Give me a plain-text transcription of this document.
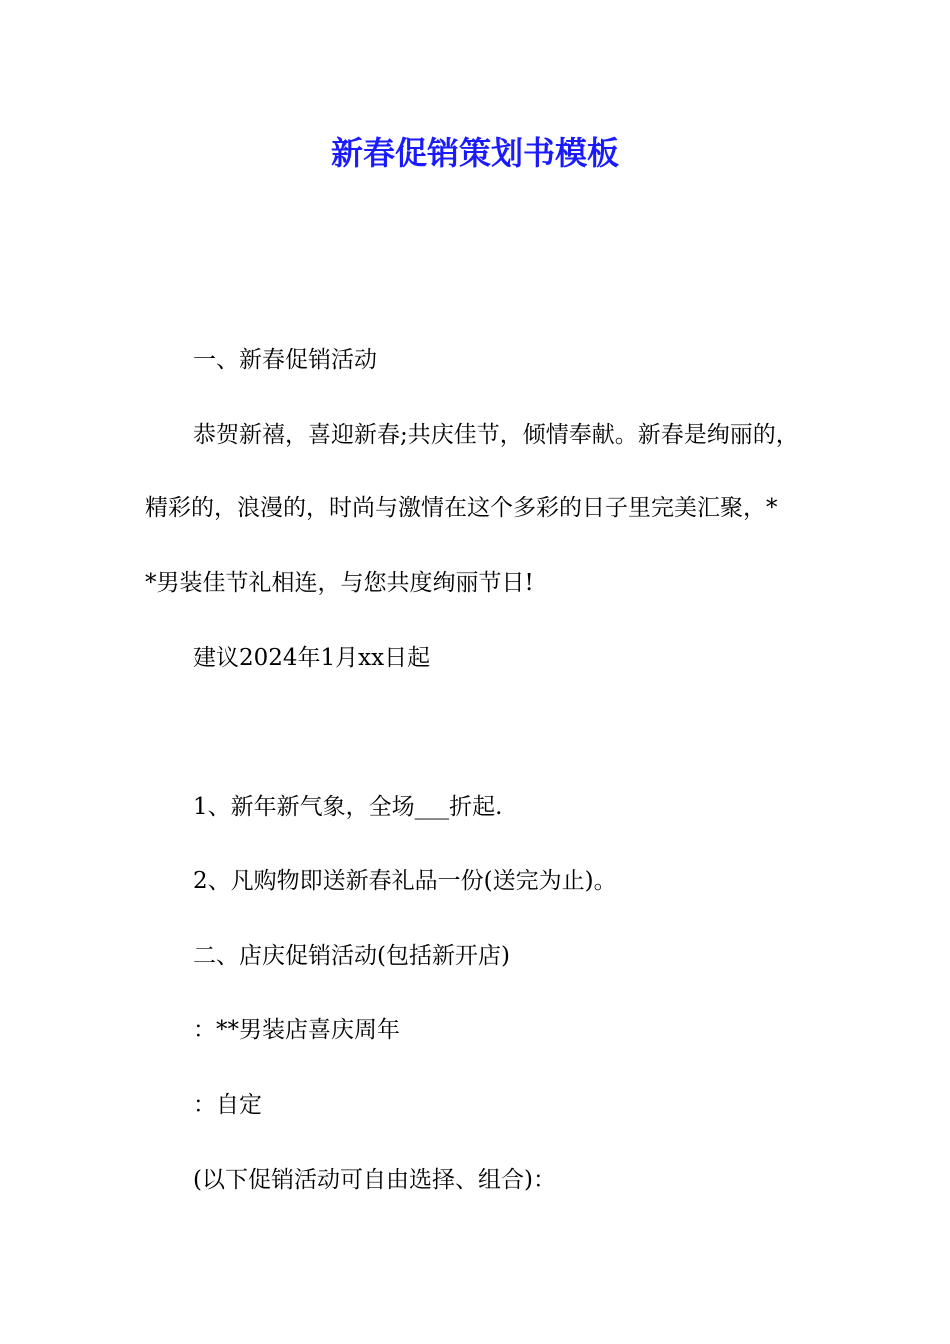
新春促销策划书模板
一、新春促销活动
恭贺新禧，喜迎新春;共庆佳节，倾情奉献。新春是绚丽的，
精彩的，浪漫的，时尚与激情在这个多彩的日子里完美汇聚，*
*男装佳节礼相连，与您共度绚丽节日!
建议2024年1月xx日起
1、新年新气象，全场___折起.
2、凡购物即送新春礼品一份(送完为止)。
二、店庆促销活动(包括新开店)
：**男装店喜庆周年
：自定
(以下促销活动可自由选择、组合)：
